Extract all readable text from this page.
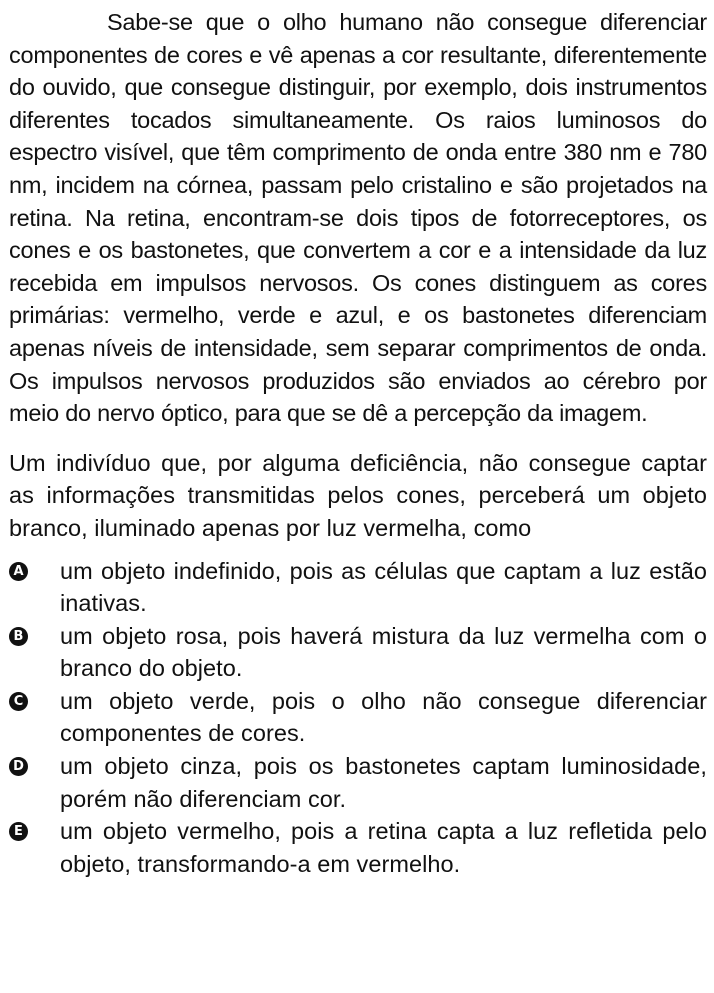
Sabe-se que o olho humano não consegue diferenciar componentes de cores e vê apenas a cor resultante, diferentemente do ouvido, que consegue distinguir, por exemplo, dois instrumentos diferentes tocados simultaneamente. Os raios luminosos do espectro visível, que têm comprimento de onda entre 380 nm e 780 nm, incidem na córnea, passam pelo cristalino e são projetados na retina. Na retina, encontram-se dois tipos de fotorreceptores, os cones e os bastonetes, que convertem a cor e a intensidade da luz recebida em impulsos nervosos. Os cones distinguem as cores primárias: vermelho, verde e azul, e os bastonetes diferenciam apenas níveis de intensidade, sem separar comprimentos de onda. Os impulsos nervosos produzidos são enviados ao cérebro por meio do nervo óptico, para que se dê a percepção da imagem.

Um indivíduo que, por alguma deficiência, não consegue captar as informações transmitidas pelos cones, perceberá um objeto branco, iluminado apenas por luz vermelha, como

A um objeto indefinido, pois as células que captam a luz estão inativas.
B um objeto rosa, pois haverá mistura da luz vermelha com o branco do objeto.
C um objeto verde, pois o olho não consegue diferenciar componentes de cores.
D um objeto cinza, pois os bastonetes captam luminosidade, porém não diferenciam cor.
E um objeto vermelho, pois a retina capta a luz refletida pelo objeto, transformando-a em vermelho.
